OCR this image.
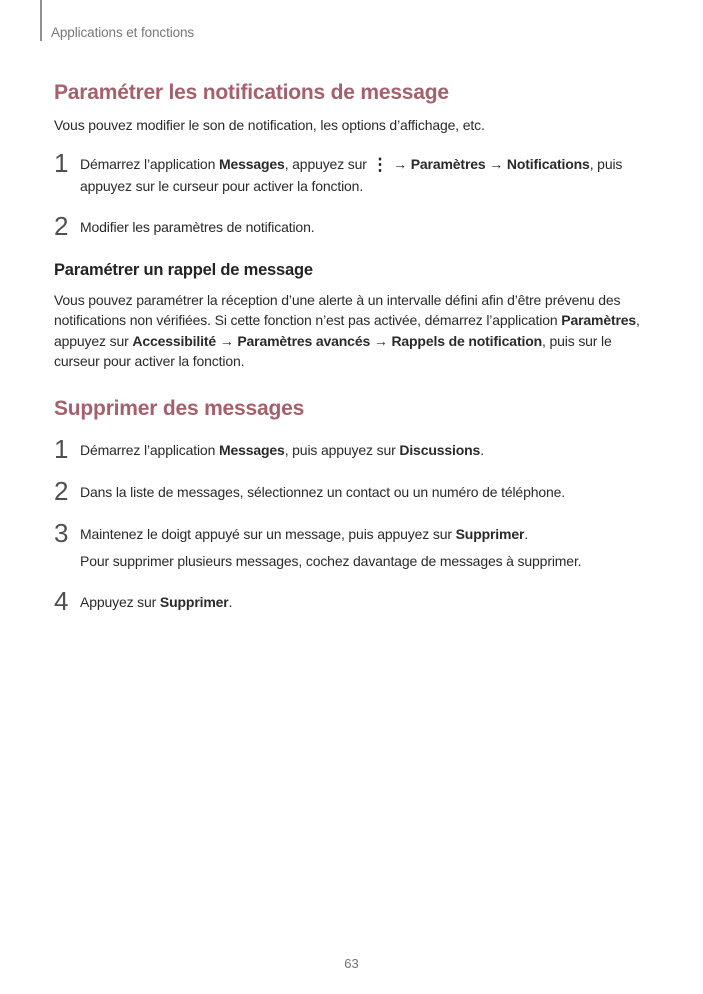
Applications et fonctions
Paramétrer les notifications de message

Vous pouvez modifier le son de notification, les options d’affichage, etc.

1 Démarrez l’application Messages, appuyez sur ⋮ → Paramètres → Notifications, puis appuyez sur le curseur pour activer la fonction.

2 Modifier les paramètres de notification.

Paramétrer un rappel de message

Vous pouvez paramétrer la réception d’une alerte à un intervalle défini afin d’être prévenu des notifications non vérifiées. Si cette fonction n’est pas activée, démarrez l’application Paramètres, appuyez sur Accessibilité → Paramètres avancés → Rappels de notification, puis sur le curseur pour activer la fonction.

Supprimer des messages
1 Démarrez l’application Messages, puis appuyez sur Discussions.

2 Dans la liste de messages, sélectionnez un contact ou un numéro de téléphone.

3 Maintenez le doigt appuyé sur un message, puis appuyez sur Supprimer.

Pour supprimer plusieurs messages, cochez davantage de messages à supprimer.

4 Appuyez sur Supprimer.

63
